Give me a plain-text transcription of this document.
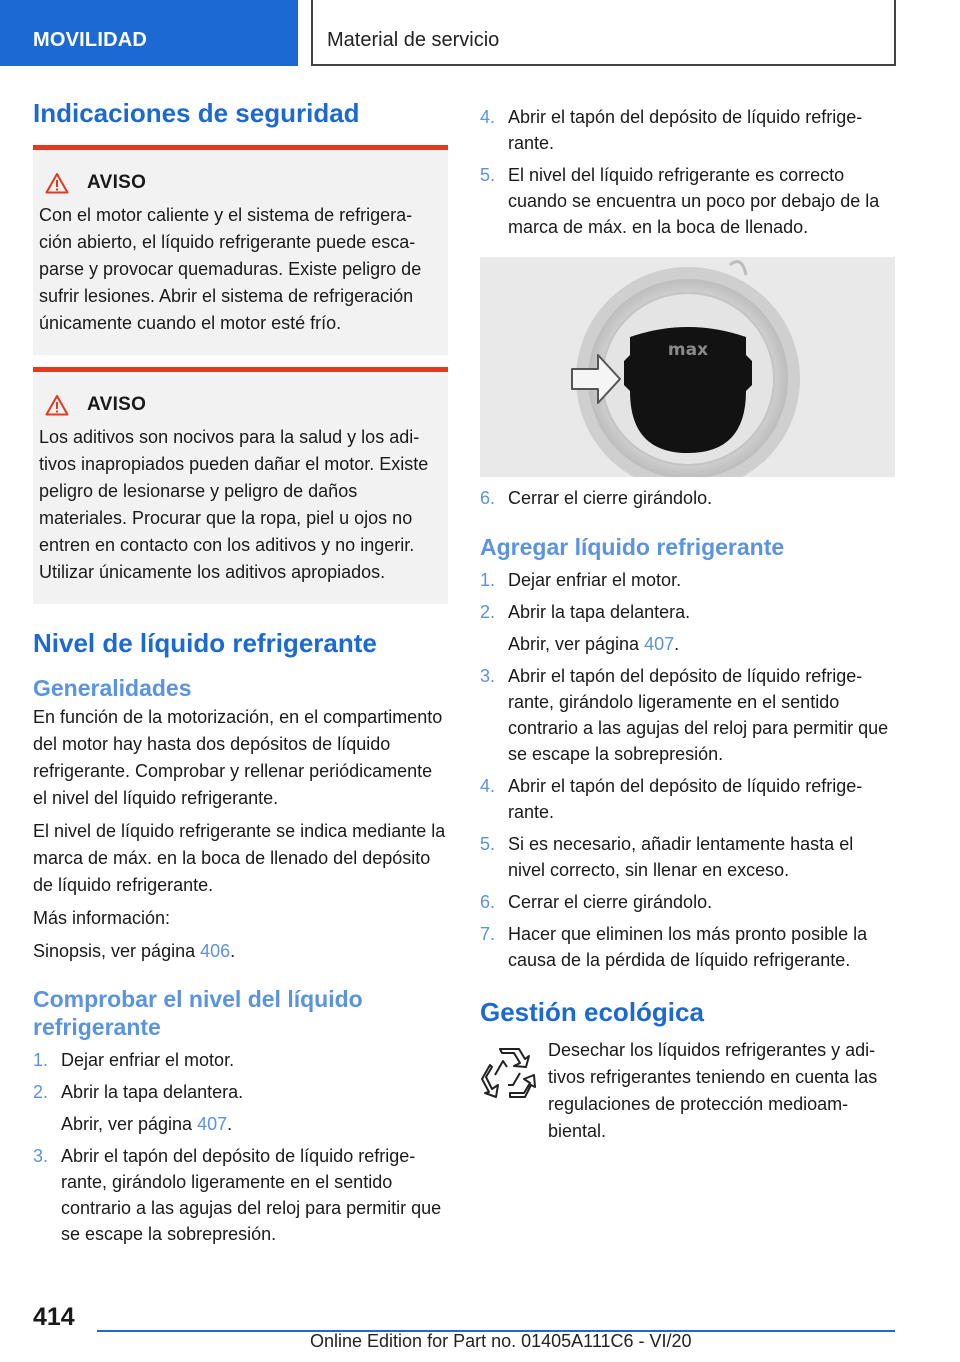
MOVILIDAD	Material de servicio
Indicaciones de seguridad
AVISO

Con el motor caliente y el sistema de refrigeración abierto, el líquido refrigerante puede escaparse y provocar quemaduras. Existe peligro de sufrir lesiones. Abrir el sistema de refrigeración únicamente cuando el motor esté frío.

AVISO

Los aditivos son nocivos para la salud y los aditivos inapropiados pueden dañar el motor. Existe peligro de lesionarse y peligro de daños materiales. Procurar que la ropa, piel u ojos no entren en contacto con los aditivos y no ingerir. Utilizar únicamente los aditivos apropiados.

Nivel de líquido refrigerante
Generalidades

En función de la motorización, en el compartimento del motor hay hasta dos depósitos de líquido refrigerante. Comprobar y rellenar periódicamente el nivel del líquido refrigerante.

El nivel de líquido refrigerante se indica mediante la marca de máx. en la boca de llenado del depósito de líquido refrigerante.

Más información:

Sinopsis, ver página 406.

Comprobar el nivel del líquido refrigerante
1. Dejar enfriar el motor.
2. Abrir la tapa delantera.
Abrir, ver página 407.
3. Abrir el tapón del depósito de líquido refrigerante, girándolo ligeramente en el sentido contrario a las agujas del reloj para permitir que se escape la sobrepresión.
4. Abrir el tapón del depósito de líquido refrigerante.
5. El nivel del líquido refrigerante es correcto cuando se encuentra un poco por debajo de la marca de máx. en la boca de llenado.
max
6. Cerrar el cierre girándolo.
Agregar líquido refrigerante
1. Dejar enfriar el motor.
2. Abrir la tapa delantera.
Abrir, ver página 407.
3. Abrir el tapón del depósito de líquido refrigerante, girándolo ligeramente en el sentido contrario a las agujas del reloj para permitir que se escape la sobrepresión.
4. Abrir el tapón del depósito de líquido refrigerante.
5. Si es necesario, añadir lentamente hasta el nivel correcto, sin llenar en exceso.
6. Cerrar el cierre girándolo.
7. Hacer que eliminen los más pronto posible la causa de la pérdida de líquido refrigerante.
Gestión ecológica

Desechar los líquidos refrigerantes y aditivos refrigerantes teniendo en cuenta las regulaciones de protección medioambiental.

414
Online Edition for Part no. 01405A111C6 - VI/20
